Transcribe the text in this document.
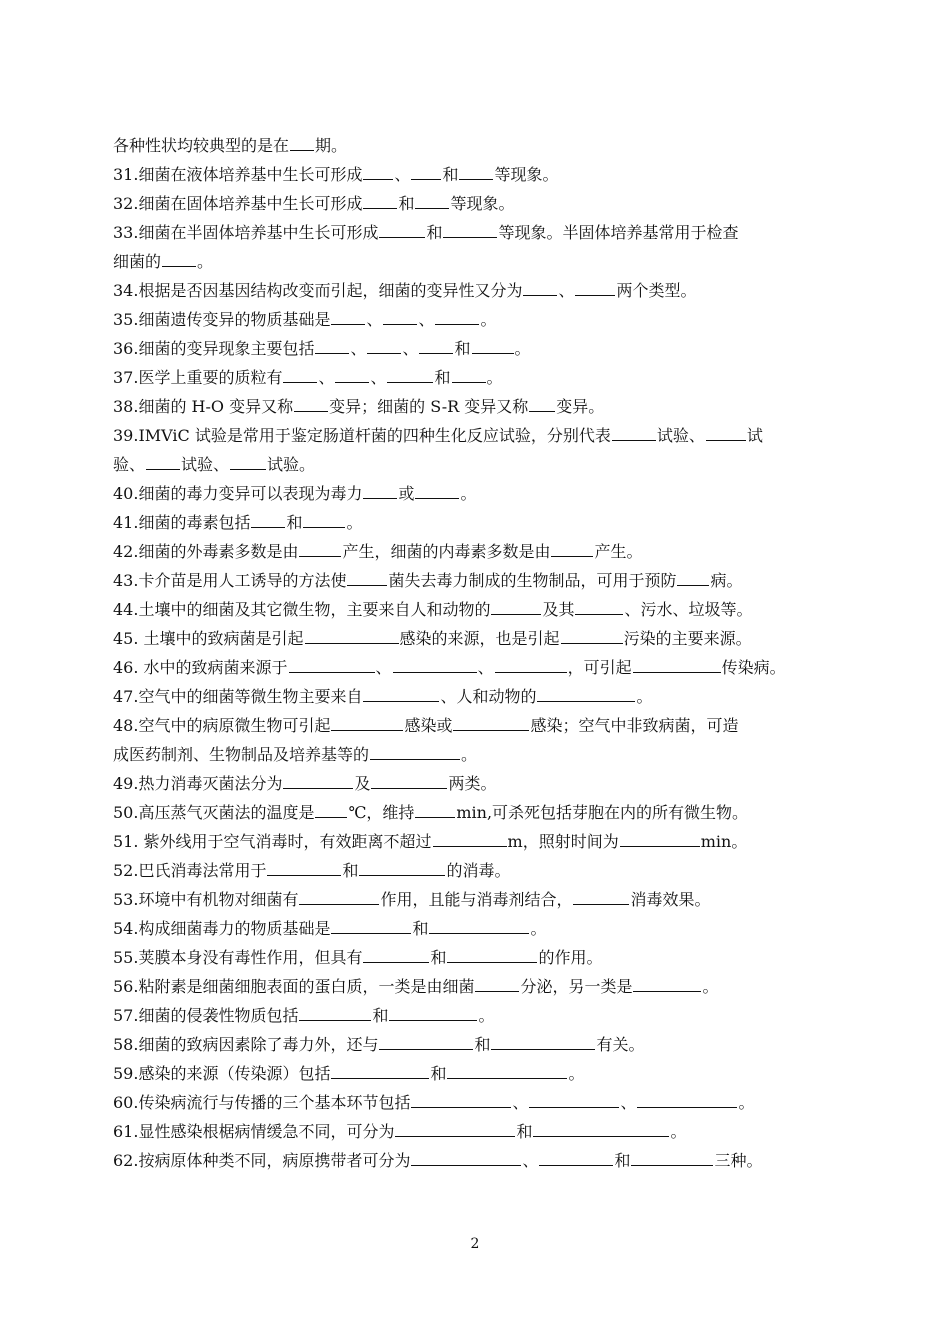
各种性状均较典型的是在 期。
31.细菌在液体培养基中生长可形成 、 和 等现象。
32.细菌在固体培养基中生长可形成 和 等现象。
33.细菌在半固体培养基中生长可形成	和	等现象。半固体培养基常用于检查
细菌的 。
34.根据是否因基因结构改变而引起，细菌的变异性又分为 、	两个类型。
35.细菌遗传变异的物质基础是 、 、	。
36.细菌的变异现象主要包括 、 、 和	。
37.医学上重要的质粒有 、 、	和 。
38.细菌的 H-O 变异又称 变异；细菌的 S-R 变异又称 变异。
39.IMViC 试验是常用于鉴定肠道杆菌的四种生化反应试验，分别代表	试验、	试
验、 试验、 试验。
40.细菌的毒力变异可以表现为毒力 或	。
41.细菌的毒素包括 和	。
42.细菌的外毒素多数是由	产生，细菌的内毒素多数是由	产生。
43.卡介苗是用人工诱导的方法使	菌失去毒力制成的生物制品，可用于预防 病。
44.土壤中的细菌及其它微生物，主要来自人和动物的	及其	、污水、垃圾等。
45. 土壤中的致病菌是引起	感染的来源，也是引起	污染的主要来源。
46. 水中的致病菌来源于	、	、	，可引起	传染病。
47.空气中的细菌等微生物主要来自	、人和动物的	。
48.空气中的病原微生物可引起	感染或	感染；空气中非致病菌，可造
成医药制剂、生物制品及培养基等的	。
49.热力消毒灭菌法分为	及	两类。
50.高压蒸气灭菌法的温度是 ℃，维持	min,可杀死包括芽胞在内的所有微生物。
51. 紫外线用于空气消毒时，有效距离不超过	m，照射时间为	min。
52.巴氏消毒法常用于	和	的消毒。
53.环境中有机物对细菌有	作用，且能与消毒剂结合，	消毒效果。
54.构成细菌毒力的物质基础是	和	。
55.荚膜本身没有毒性作用，但具有	和	的作用。
56.粘附素是细菌细胞表面的蛋白质，一类是由细菌	分泌，另一类是	。
57.细菌的侵袭性物质包括	和	。
58.细菌的致病因素除了毒力外，还与	和	有关。
59.感染的来源（传染源）包括	和	。
60.传染病流行与传播的三个基本环节包括	、	、	。
61.显性感染根椐病情缓急不同，可分为	和	。
62.按病原体种类不同，病原携带者可分为	、	和	三种。
2
